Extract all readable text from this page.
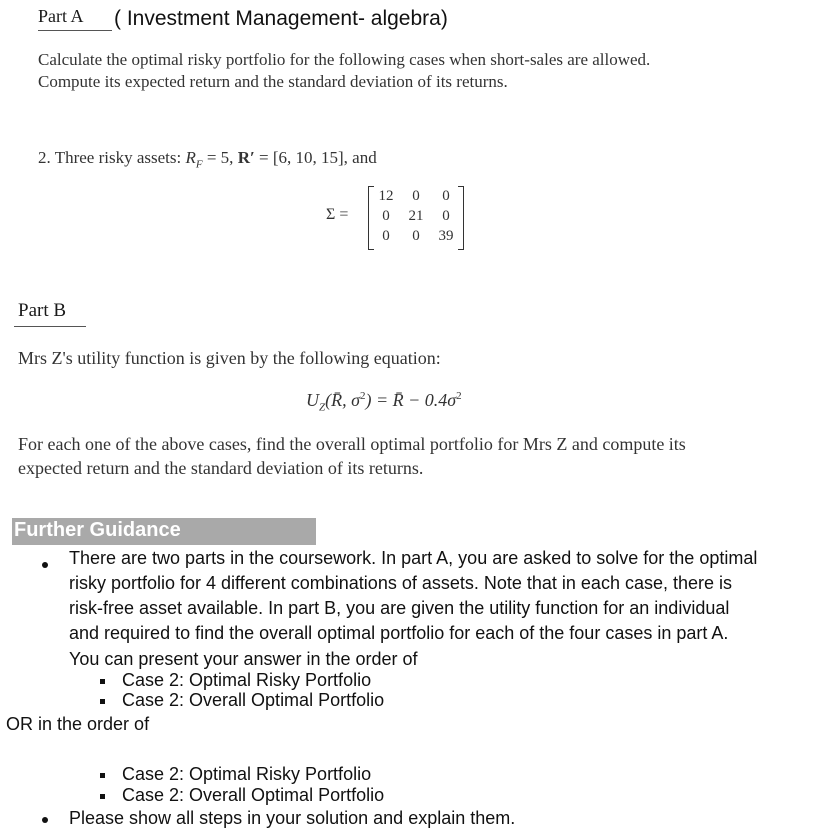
Part A ( Investment Management- algebra)
Calculate the optimal risky portfolio for the following cases when short-sales are allowed.
Compute its expected return and the standard deviation of its returns.
2. Three risky assets: $R_F = 5$, R′ = [6, 10, 15], and
Σ =
12	0	0
0	21	0
0	0	39
Part B
Mrs Z's utility function is given by the following equation:
$U_Z(R̄$, $\sigma^2$) = R̄ − $0.4\sigma^2$
For each one of the above cases, find the overall optimal portfolio for Mrs Z and compute its
expected return and the standard deviation of its returns.
Further Guidance
There are two parts in the coursework. In part A, you are asked to solve for the optimal
risky portfolio for 4 different combinations of assets. Note that in each case, there is
risk-free asset available. In part B, you are given the utility function for an individual
and required to find the overall optimal portfolio for each of the four cases in part A.
You can present your answer in the order of
Case 2: Optimal Risky Portfolio
Case 2: Overall Optimal Portfolio
OR in the order of
Case 2: Optimal Risky Portfolio
Case 2: Overall Optimal Portfolio
Please show all steps in your solution and explain them.
